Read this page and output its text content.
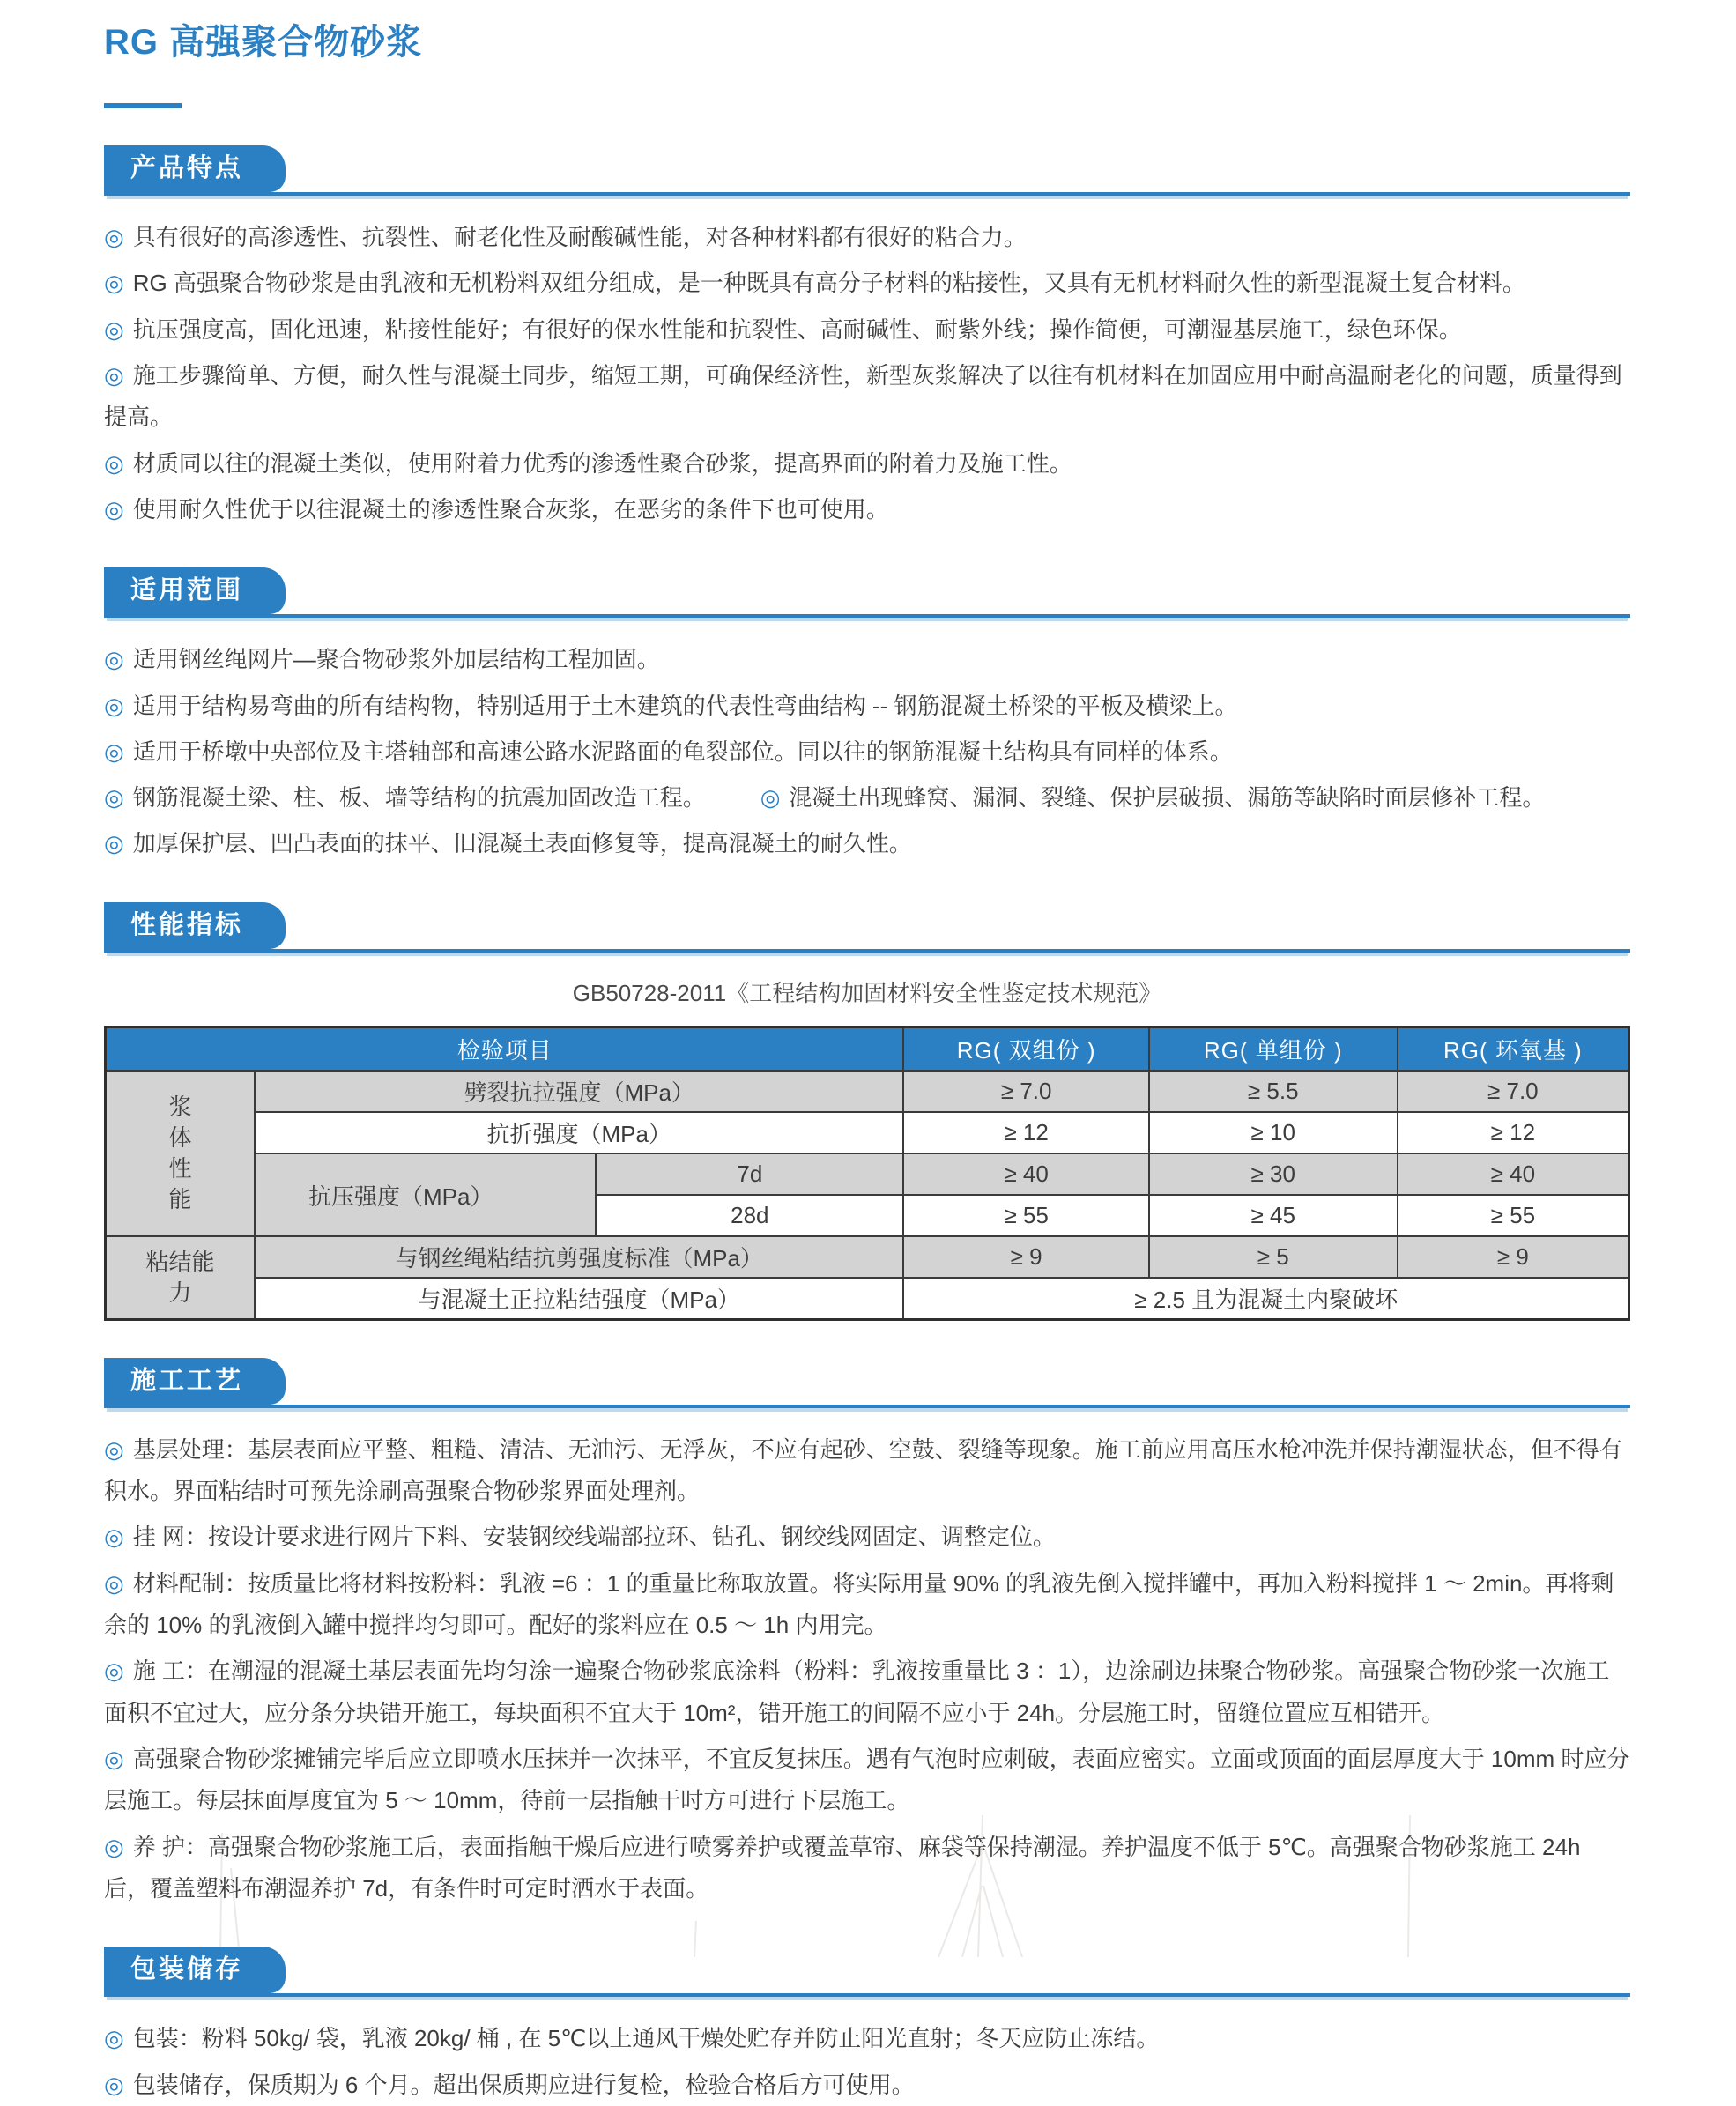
RG 高强聚合物砂浆
产品特点
◎ 具有很好的高渗透性、抗裂性、耐老化性及耐酸碱性能，对各种材料都有很好的粘合力。
◎ RG 高强聚合物砂浆是由乳液和无机粉料双组分组成，是一种既具有高分子材料的粘接性，又具有无机材料耐久性的新型混凝土复合材料。
◎ 抗压强度高，固化迅速，粘接性能好；有很好的保水性能和抗裂性、高耐碱性、耐紫外线；操作简便，可潮湿基层施工，绿色环保。
◎ 施工步骤简单、方便，耐久性与混凝土同步，缩短工期，可确保经济性，新型灰浆解决了以往有机材料在加固应用中耐高温耐老化的问题，质量得到提高。
◎ 材质同以往的混凝土类似，使用附着力优秀的渗透性聚合砂浆，提高界面的附着力及施工性。
◎ 使用耐久性优于以往混凝土的渗透性聚合灰浆，在恶劣的条件下也可使用。
适用范围
◎ 适用钢丝绳网片—聚合物砂浆外加层结构工程加固。
◎ 适用于结构易弯曲的所有结构物，特别适用于土木建筑的代表性弯曲结构 -- 钢筋混凝土桥梁的平板及横梁上。
◎ 适用于桥墩中央部位及主塔轴部和高速公路水泥路面的龟裂部位。同以往的钢筋混凝土结构具有同样的体系。
◎ 钢筋混凝土梁、柱、板、墙等结构的抗震加固改造工程。 ◎ 混凝土出现蜂窝、漏洞、裂缝、保护层破损、漏筋等缺陷时面层修补工程。
◎ 加厚保护层、凹凸表面的抹平、旧混凝土表面修复等，提高混凝土的耐久性。
性能指标
GB50728-2011《工程结构加固材料安全性鉴定技术规范》
检验项目			RG( 双组份 )	RG( 单组份 )	RG( 环氧基 )

浆
体
性
能	劈裂抗拉强度（MPa）		≥ 7.0	≥ 5.5	≥ 7.0
	抗折强度（MPa）		≥ 12	≥ 10	≥ 12
	抗压强度（MPa）	7d	≥ 40	≥ 30	≥ 40
		28d	≥ 55	≥ 45	≥ 55

粘结能
力	与钢丝绳粘结抗剪强度标准（MPa）		≥ 9	≥ 5	≥ 9
	与混凝土正拉粘结强度（MPa）		≥ 2.5 且为混凝土内聚破坏		
施工工艺
◎ 基层处理：基层表面应平整、粗糙、清洁、无油污、无浮灰，不应有起砂、空鼓、裂缝等现象。施工前应用高压水枪冲洗并保持潮湿状态，但不得有积水。界面粘结时可预先涂刷高强聚合物砂浆界面处理剂。
◎ 挂 网：按设计要求进行网片下料、安装钢绞线端部拉环、钻孔、钢绞线网固定、调整定位。
◎ 材料配制：按质量比将材料按粉料：乳液 =6 ：1 的重量比称取放置。将实际用量 90% 的乳液先倒入搅拌罐中，再加入粉料搅拌 1 ～ 2min。再将剩余的 10% 的乳液倒入罐中搅拌均匀即可。配好的浆料应在 0.5 ～ 1h 内用完。
◎ 施 工：在潮湿的混凝土基层表面先均匀涂一遍聚合物砂浆底涂料（粉料：乳液按重量比 3 ：1），边涂刷边抹聚合物砂浆。高强聚合物砂浆一次施工面积不宜过大，应分条分块错开施工，每块面积不宜大于 10m²，错开施工的间隔不应小于 24h。分层施工时，留缝位置应互相错开。
◎ 高强聚合物砂浆摊铺完毕后应立即喷水压抹并一次抹平，不宜反复抹压。遇有气泡时应刺破，表面应密实。立面或顶面的面层厚度大于 10mm 时应分层施工。每层抹面厚度宜为 5 ～ 10mm，待前一层指触干时方可进行下层施工。
◎ 养 护：高强聚合物砂浆施工后，表面指触干燥后应进行喷雾养护或覆盖草帘、麻袋等保持潮湿。养护温度不低于 5℃。高强聚合物砂浆施工 24h 后，覆盖塑料布潮湿养护 7d，有条件时可定时洒水于表面。
包装储存
◎ 包装：粉料 50kg/ 袋，乳液 20kg/ 桶 , 在 5℃以上通风干燥处贮存并防止阳光直射；冬天应防止冻结。
◎ 包装储存，保质期为 6 个月。超出保质期应进行复检，检验合格后方可使用。
